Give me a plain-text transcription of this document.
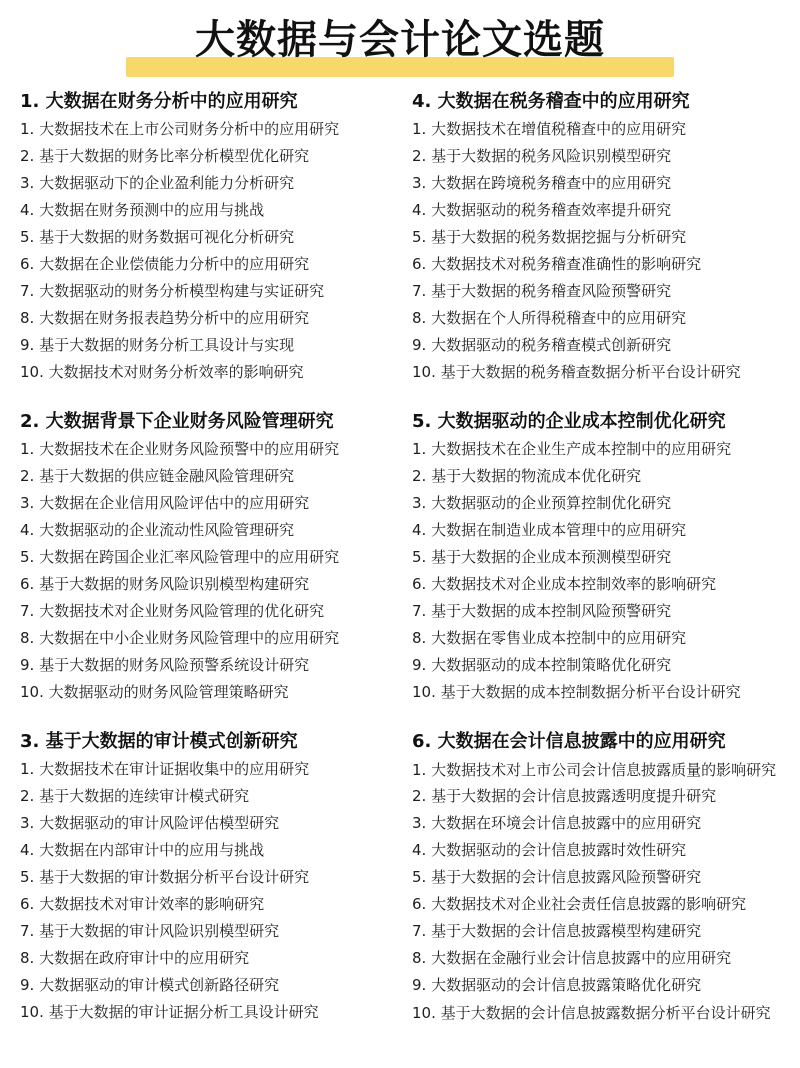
大数据与会计论文选题
1. 大数据在财务分析中的应用研究
1. 大数据技术在上市公司财务分析中的应用研究
2. 基于大数据的财务比率分析模型优化研究
3. 大数据驱动下的企业盈利能力分析研究
4. 大数据在财务预测中的应用与挑战
5. 基于大数据的财务数据可视化分析研究
6. 大数据在企业偿债能力分析中的应用研究
7. 大数据驱动的财务分析模型构建与实证研究
8. 大数据在财务报表趋势分析中的应用研究
9. 基于大数据的财务分析工具设计与实现
10. 大数据技术对财务分析效率的影响研究
2. 大数据背景下企业财务风险管理研究
1. 大数据技术在企业财务风险预警中的应用研究
2. 基于大数据的供应链金融风险管理研究
3. 大数据在企业信用风险评估中的应用研究
4. 大数据驱动的企业流动性风险管理研究
5. 大数据在跨国企业汇率风险管理中的应用研究
6. 基于大数据的财务风险识别模型构建研究
7. 大数据技术对企业财务风险管理的优化研究
8. 大数据在中小企业财务风险管理中的应用研究
9. 基于大数据的财务风险预警系统设计研究
10. 大数据驱动的财务风险管理策略研究
3. 基于大数据的审计模式创新研究
1. 大数据技术在审计证据收集中的应用研究
2. 基于大数据的连续审计模式研究
3. 大数据驱动的审计风险评估模型研究
4. 大数据在内部审计中的应用与挑战
5. 基于大数据的审计数据分析平台设计研究
6. 大数据技术对审计效率的影响研究
7. 基于大数据的审计风险识别模型研究
8. 大数据在政府审计中的应用研究
9. 大数据驱动的审计模式创新路径研究
10. 基于大数据的审计证据分析工具设计研究
4. 大数据在税务稽查中的应用研究
1. 大数据技术在增值税稽查中的应用研究
2. 基于大数据的税务风险识别模型研究
3. 大数据在跨境税务稽查中的应用研究
4. 大数据驱动的税务稽查效率提升研究
5. 基于大数据的税务数据挖掘与分析研究
6. 大数据技术对税务稽查准确性的影响研究
7. 基于大数据的税务稽查风险预警研究
8. 大数据在个人所得税稽查中的应用研究
9. 大数据驱动的税务稽查模式创新研究
10. 基于大数据的税务稽查数据分析平台设计研究
5. 大数据驱动的企业成本控制优化研究
1. 大数据技术在企业生产成本控制中的应用研究
2. 基于大数据的物流成本优化研究
3. 大数据驱动的企业预算控制优化研究
4. 大数据在制造业成本管理中的应用研究
5. 基于大数据的企业成本预测模型研究
6. 大数据技术对企业成本控制效率的影响研究
7. 基于大数据的成本控制风险预警研究
8. 大数据在零售业成本控制中的应用研究
9. 大数据驱动的成本控制策略优化研究
10. 基于大数据的成本控制数据分析平台设计研究
6. 大数据在会计信息披露中的应用研究
1. 大数据技术对上市公司会计信息披露质量的影响研究
2. 基于大数据的会计信息披露透明度提升研究
3. 大数据在环境会计信息披露中的应用研究
4. 大数据驱动的会计信息披露时效性研究
5. 基于大数据的会计信息披露风险预警研究
6. 大数据技术对企业社会责任信息披露的影响研究
7. 基于大数据的会计信息披露模型构建研究
8. 大数据在金融行业会计信息披露中的应用研究
9. 大数据驱动的会计信息披露策略优化研究
10. 基于大数据的会计信息披露数据分析平台设计研究
